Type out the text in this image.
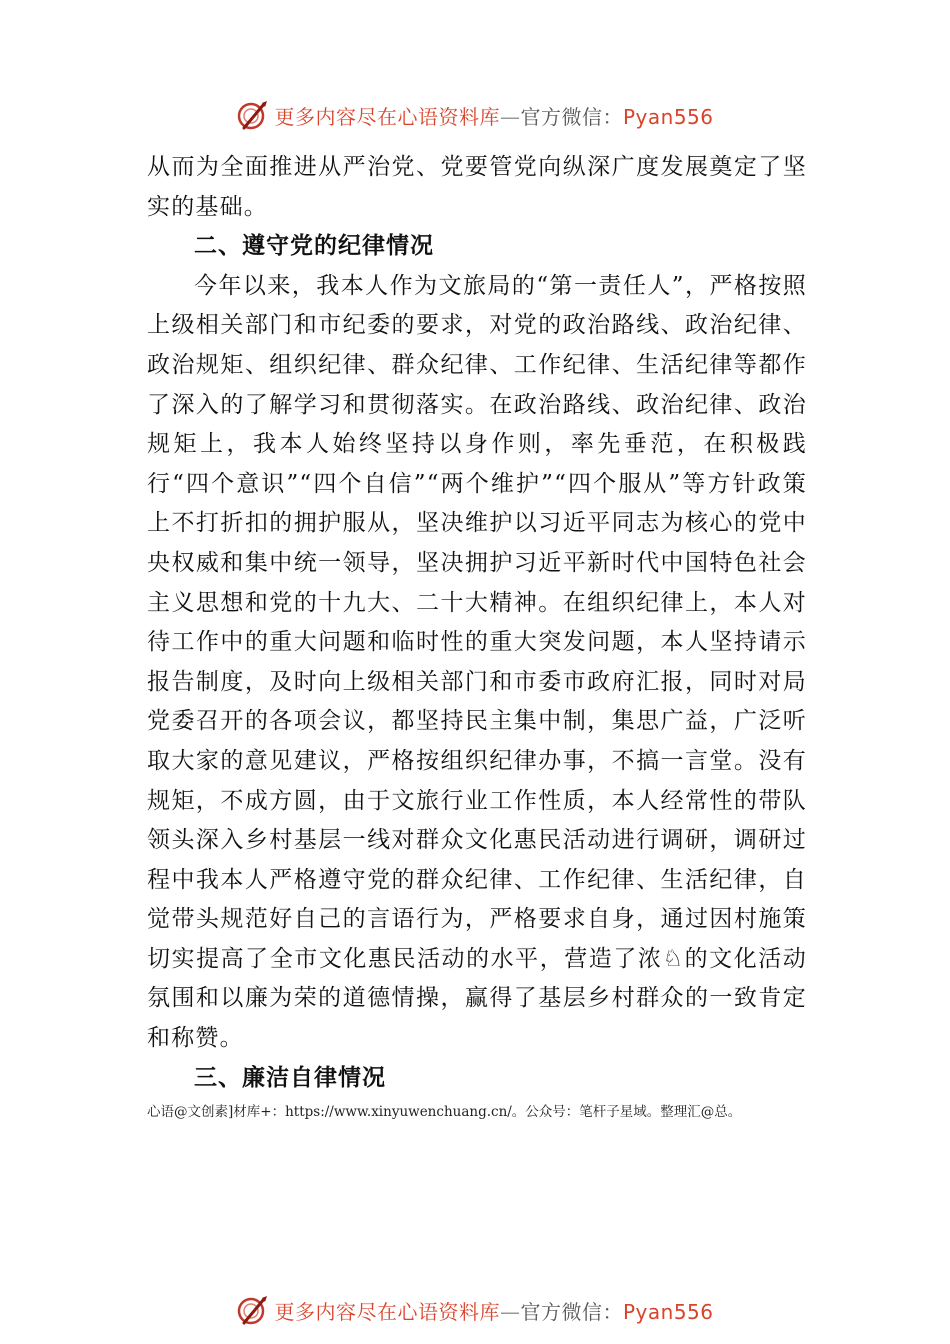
更多内容尽在心语资料库—官方微信：Pyan556

从而为全面推进从严治党、党要管党向纵深广度发展奠定了坚实的基础。

二、遵守党的纪律情况

今年以来，我本人作为文旅局的“第一责任人”，严格按照上级相关部门和市纪委的要求，对党的政治路线、政治纪律、政治规矩、组织纪律、群众纪律、工作纪律、生活纪律等都作了深入的了解学习和贯彻落实。在政治路线、政治纪律、政治规矩上，我本人始终坚持以身作则，率先垂范，在积极践行“四个意识”“四个自信”“两个维护”“四个服从”等方针政策上不打折扣的拥护服从，坚决维护以习近平同志为核心的党中央权威和集中统一领导，坚决拥护习近平新时代中国特色社会主义思想和党的十九大、二十大精神。在组织纪律上，本人对待工作中的重大问题和临时性的重大突发问题，本人坚持请示报告制度，及时向上级相关部门和市委市政府汇报，同时对局党委召开的各项会议，都坚持民主集中制，集思广益，广泛听取大家的意见建议，严格按组织纪律办事，不搞一言堂。没有规矩，不成方圆，由于文旅行业工作性质，本人经常性的带队领头深入乡村基层一线对群众文化惠民活动进行调研，调研过程中我本人严格遵守党的群众纪律、工作纪律、生活纪律，自觉带头规范好自己的言语行为，严格要求自身，通过因村施策切实提高了全市文化惠民活动的水平，营造了浓♘的文化活动氛围和以廉为荣的道德情操，赢得了基层乡村群众的一致肯定和称赞。

三、廉洁自律情况

心语@文创素]材库+：https://www.xinyuwenchuang.cn/。公众号：笔杆子星域。整理汇@总。
更多内容尽在心语资料库—官方微信：Pyan556
